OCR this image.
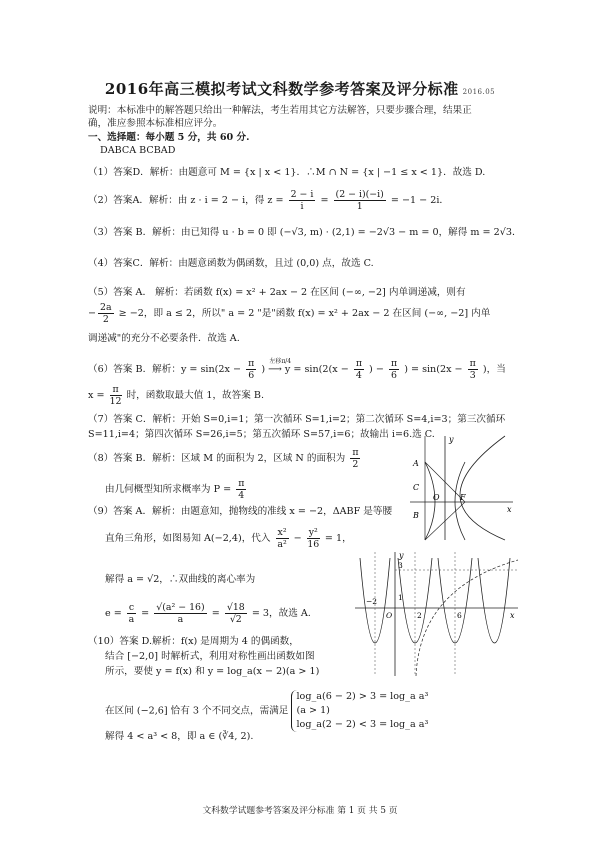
2016年高三模拟考试文科数学参考答案及评分标准 2016.05
说明：本标准中的解答题只给出一种解法，考生若用其它方法解答，只要步骤合理，结果正
确，准应参照本标准相应评分。
一、选择题：每小题 5 分，共 60 分.
DABCA BCBAD
（1）答案D．解析：由题意可 M = {x | x < 1}．∴M ∩ N = {x | −1 ≤ x < 1}．故选 D.
（2）答案A．解析：由 z · i = 2 − i，得 $z = \frac{2 - i}{i} = \frac{(2 - i)(-i)}{1} = -1 - 2i$．
（3）答案 B．解析：由已知得 u · b = 0 即 (−√3, m) · (2,1) = −2√3 − m = 0，解得 m = 2√3．
（4）答案C．解析：由题意函数为偶函数，且过 (0,0) 点，故选 C.
（5）答案 A． 解析：若函数 f(x) = x² + 2ax − 2 在区间 (−∞, −2] 内单调递减，则有
− $\frac{2a}{2} \ge -2$，即 a ≤ 2，所以" a = 2 "是"函数 f(x) = x² + 2ax − 2 在区间 (−∞, −2] 内单
调递减"的充分不必要条件．故选 A.
（6）答案 B．解析：$y = \sin(2x - \frac{\pi}{6}$
左移π/4
) ⟶ $y = \sin(2(x - \frac{\pi}{4}$ ) − $\frac{\pi}{6}$ ) = $\sin(2x - \frac{\pi}{3}$ )，当
$x = \frac{\pi}{12}$ 时，函数取最大值 1，故答案 B.
（7）答案 C．解析：开始 S=0,i=1；第一次循环 S=1,i=2；第二次循环 S=4,i=3；第三次循环
S=11,i=4；第四次循环 S=26,i=5；第五次循环 S=57,i=6；故输出 i=6.选 C.
（8）答案 B．解析：区域 M 的面积为 2，区域 N 的面积为 $\frac{\pi}{2}$
由几何概型知所求概率为 $P = \frac{\pi}{4}$
（9）答案 A．解析：由题意知，抛物线的准线 x = −2，ΔABF 是等腰
直角三角形，如图易知 A(−2,4)，代入 $\frac{\text{x²}}{\text{a²}} - \frac{\text{y²}}{16} = 1$，
解得 a = √2，∴双曲线的离心率为
$e = \frac{c}{a} = \frac{\text{√(a² − 16)}}{a} = \frac{√18}{√2} = 3$，故选 A.
（10）答案 D.解析：f(x) 是周期为 4 的偶函数，
结合 [−2,0] 时解析式，利用对称性画出函数如图
所示，要使 y = f(x) 和 y = log_a(x − 2)(a > 1)
在区间 (−2,6] 恰有 3 个不同交点，需满足
log_a(6 − 2) > 3 = log_a a³
(a > 1)
log_a(2 − 2) < 3 = log_a a³
解得 4 < a³ < 8，即 a ∈ (∛4, 2).
y
A
C
O	F
B
x
y
3
1
−2
O	2	6	x
文科数学试题参考答案及评分标准 第 1 页 共 5 页
